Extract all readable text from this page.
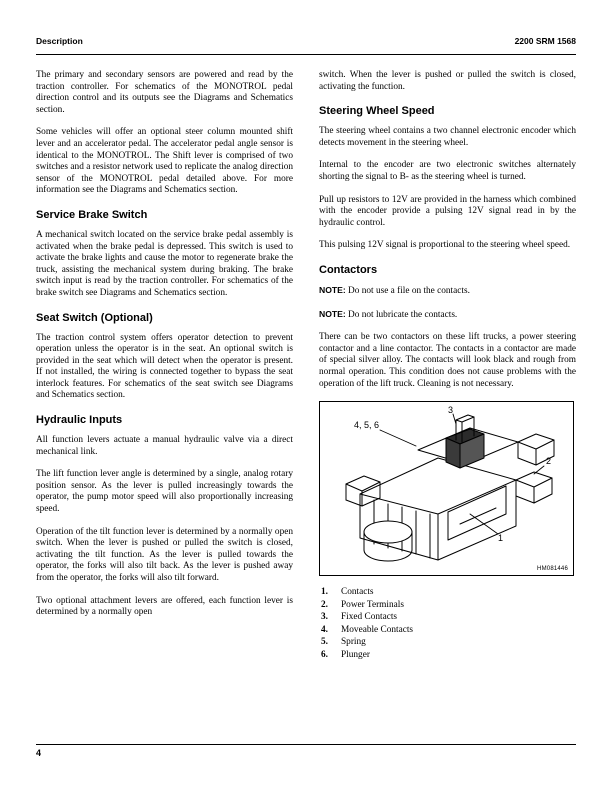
Description	2200 SRM 1568

The primary and secondary sensors are powered and read by the traction controller. For schematics of the MONOTROL pedal direction control and its outputs see the Diagrams and Schematics section.

Some vehicles will offer an optional steer column mounted shift lever and an accelerator pedal. The accelerator pedal angle sensor is identical to the MONOTROL. The Shift lever is comprised of two switches and a resistor network used to replicate the analog direction sensor of the MONOTROL pedal detailed above. For more information see the Diagrams and Schematics section.

Service Brake Switch

A mechanical switch located on the service brake pedal assembly is activated when the brake pedal is depressed. This switch is used to activate the brake lights and cause the motor to regenerate brake the truck, assisting the mechanical system during braking. The brake switch input is read by the traction controller. For schematics of the brake switch see Diagrams and Schematics section.

Seat Switch (Optional)

The traction control system offers operator detection to prevent operation unless the operator is in the seat. An optional switch is provided in the seat which will detect when the operator is present. If not installed, the wiring is connected together to bypass the seat interlock features. For schematics of the seat switch see Diagrams and Schematics section.

Hydraulic Inputs

All function levers actuate a manual hydraulic valve via a direct mechanical link.

The lift function lever angle is determined by a single, analog rotary position sensor. As the lever is pulled increasingly towards the operator, the pump motor speed will also proportionally increasing speed.

Operation of the tilt function lever is determined by a normally open switch. When the lever is pushed or pulled the switch is closed, activating the tilt function. As the lever is pulled towards the operator, the forks will also tilt back. As the lever is pushed away from the operator, the forks will also tilt forward.

Two optional attachment levers are offered, each function lever is determined by a normally open

switch. When the lever is pushed or pulled the switch is closed, activating the function.

Steering Wheel Speed

The steering wheel contains a two channel electronic encoder which detects movement in the steering wheel.

Internal to the encoder are two electronic switches alternately shorting the signal to B- as the steering wheel is turned.

Pull up resistors to 12V are provided in the harness which combined with the encoder provide a pulsing 12V signal read in by the hydraulic control.

This pulsing 12V signal is proportional to the steering wheel speed.

Contactors

NOTE: Do not use a file on the contacts.

NOTE: Do not lubricate the contacts.

There can be two contactors on these lift trucks, a power steering contactor and a line contactor. The contacts in a contactor are made of special silver alloy. The contacts will look black and rough from normal operation. This condition does not cause problems with the operation of the lift truck. Cleaning is not necessary.

4, 5, 6
3
2
1
HM081446
1. Contacts
2. Power Terminals
3. Fixed Contacts
4. Moveable Contacts
5. Spring
6. Plunger
4
